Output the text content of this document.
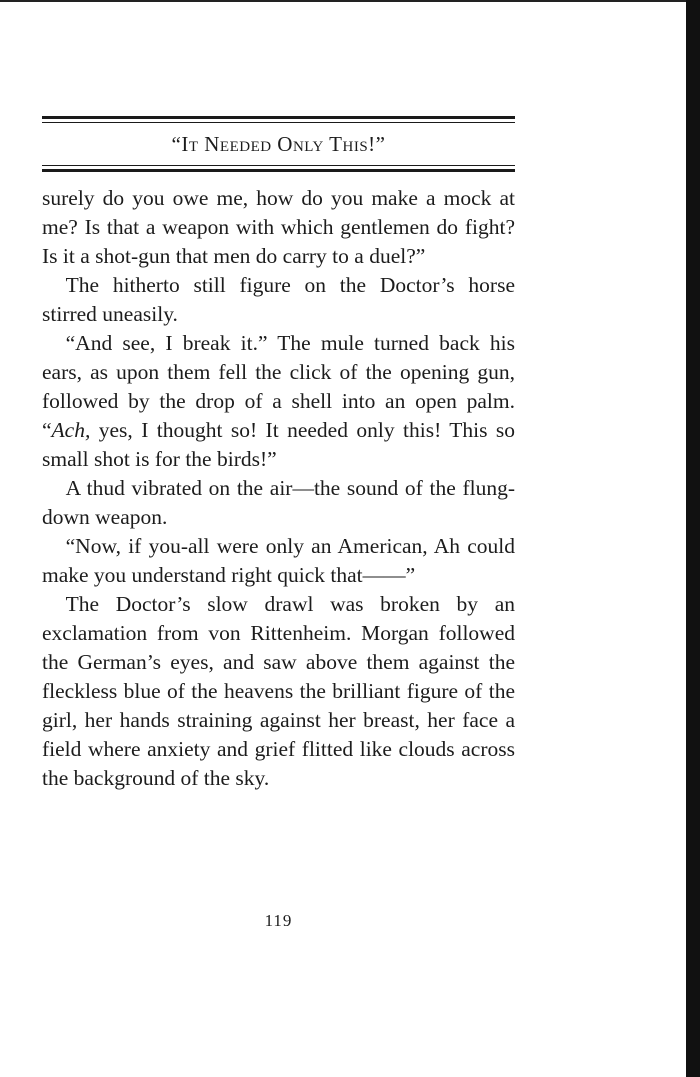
“It Needed Only This!”

surely do you owe me, how do you make a mock at me? Is that a weapon with which gentlemen do fight? Is it a shot-gun that men do carry to a duel?”

The hitherto still figure on the Doctor’s horse stirred uneasily.

“And see, I break it.” The mule turned back his ears, as upon them fell the click of the opening gun, followed by the drop of a shell into an open palm. “Ach, yes, I thought so! It needed only this! This so small shot is for the birds!”

A thud vibrated on the air—the sound of the flung-down weapon.

“Now, if you-all were only an American, Ah could make you understand right quick that——”

The Doctor’s slow drawl was broken by an exclamation from von Rittenheim. Morgan followed the German’s eyes, and saw above them against the fleckless blue of the heavens the brilliant figure of the girl, her hands straining against her breast, her face a field where anxiety and grief flitted like clouds across the background of the sky.

119
